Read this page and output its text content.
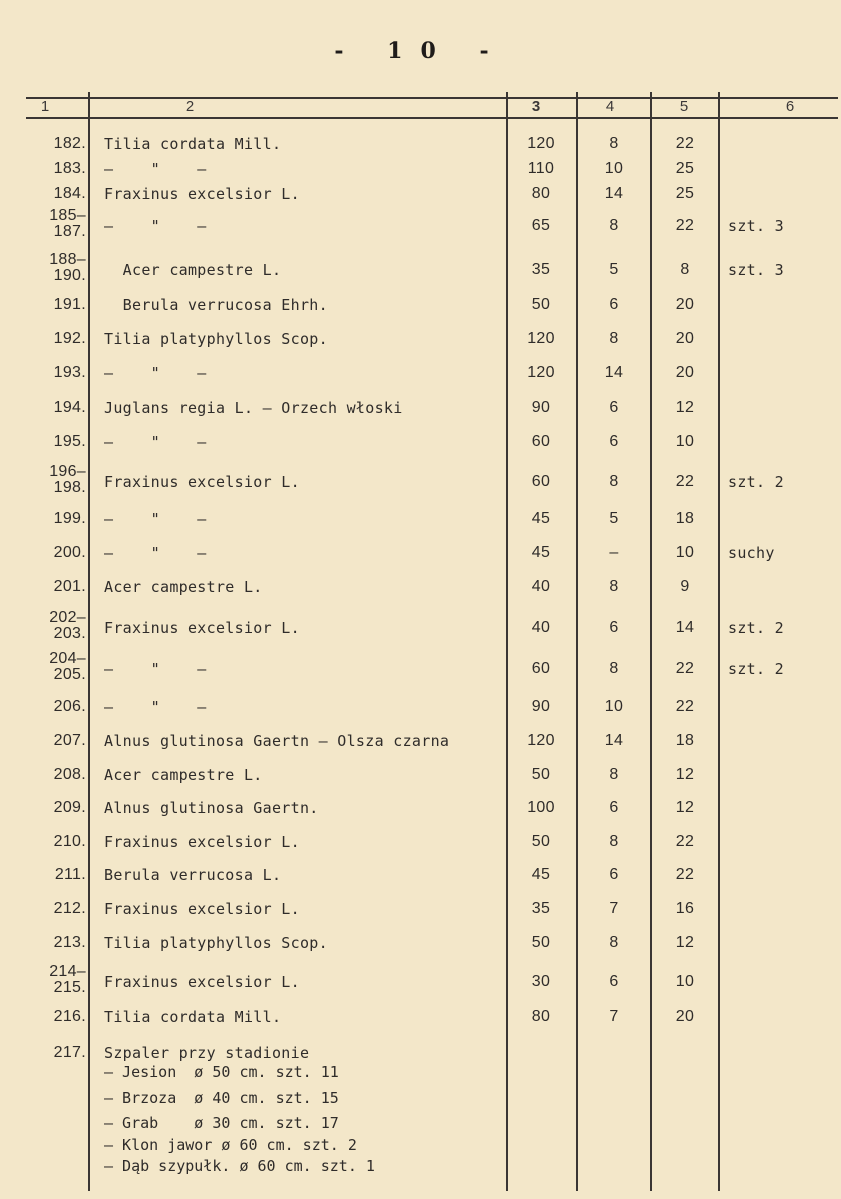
- 10 -
1	2	3	4	5	6
182. Tilia cordata Mill.	120	8	22
183. –    "    –	110	10	25
184. Fraxinus excelsior L.	80	14	25
185–
187. –    "    –	65	8	22	szt. 3
188–
190. Acer campestre L.	35	5	8	szt. 3
191. Berula verrucosa Ehrh.	50	6	20
192. Tilia platyphyllos Scop.	120	8	20
193. –    "    –	120	14	20
194. Juglans regia L. – Orzech włoski	90	6	12
195. –    "    –	60	6	10
196–
198. Fraxinus excelsior L.	60	8	22	szt. 2
199. –    "    –	45	5	18
200. –    "    –	45	–	10	suchy
201. Acer campestre L.	40	8	9
202–
203. Fraxinus excelsior L.	40	6	14	szt. 2
204–
205. –    "    –	60	8	22	szt. 2
206. –    "    –	90	10	22
207. Alnus glutinosa Gaertn – Olsza czarna	120	14	18
208. Acer campestre L.	50	8	12
209. Alnus glutinosa Gaertn.	100	6	12
210. Fraxinus excelsior L.	50	8	22
211. Berula verrucosa L.	45	6	22
212. Fraxinus excelsior L.	35	7	16
213. Tilia platyphyllos Scop.	50	8	12
214–
215. Fraxinus excelsior L.	30	6	10
216. Tilia cordata Mill.	80	7	20
217. Szpaler przy stadionie
– Jesion  ø 50 cm. szt. 11
– Brzoza  ø 40 cm. szt. 15
– Grab    ø 30 cm. szt. 17
– Klon jawor ø 60 cm. szt. 2
– Dąb szypułk. ø 60 cm. szt. 1
